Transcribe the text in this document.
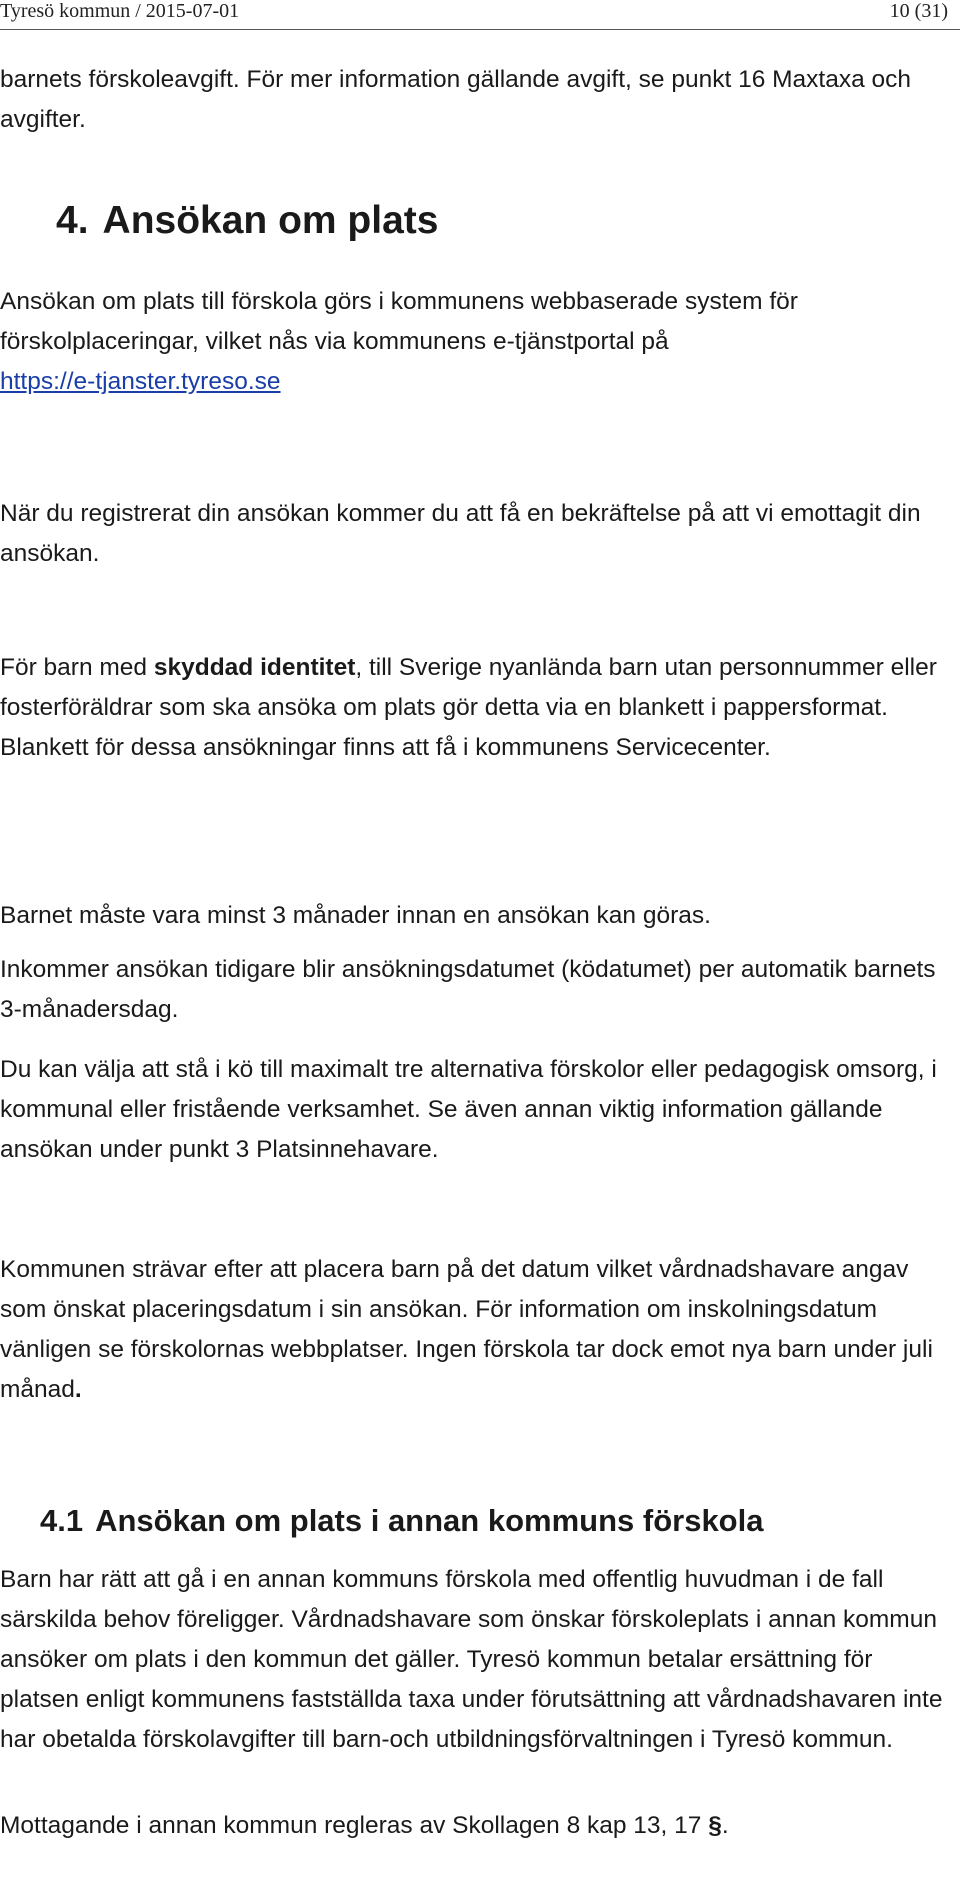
Tyresö kommun / 2015-07-01	10 (31)

barnets förskoleavgift. För mer information gällande avgift, se punkt 16 Maxtaxa och avgifter.

4. Ansökan om plats

Ansökan om plats till förskola görs i kommunens webbaserade system för förskolplaceringar, vilket nås via kommunens e-tjänstportal på
https://e-tjanster.tyreso.se

När du registrerat din ansökan kommer du att få en bekräftelse på att vi emottagit din ansökan.

För barn med skyddad identitet, till Sverige nyanlända barn utan personnummer eller fosterföräldrar som ska ansöka om plats gör detta via en blankett i pappersformat. Blankett för dessa ansökningar finns att få i kommunens Servicecenter.

Barnet måste vara minst 3 månader innan en ansökan kan göras.

Inkommer ansökan tidigare blir ansökningsdatumet (ködatumet) per automatik barnets 3-månadersdag.

Du kan välja att stå i kö till maximalt tre alternativa förskolor eller pedagogisk omsorg, i kommunal eller fristående verksamhet. Se även annan viktig information gällande ansökan under punkt 3 Platsinnehavare.

Kommunen strävar efter att placera barn på det datum vilket vårdnadshavare angav som önskat placeringsdatum i sin ansökan. För information om inskolningsdatum vänligen se förskolornas webbplatser. Ingen förskola tar dock emot nya barn under juli månad.

4.1 Ansökan om plats i annan kommuns förskola

Barn har rätt att gå i en annan kommuns förskola med offentlig huvudman i de fall särskilda behov föreligger. Vårdnadshavare som önskar förskoleplats i annan kommun ansöker om plats i den kommun det gäller. Tyresö kommun betalar ersättning för platsen enligt kommunens fastställda taxa under förutsättning att vårdnadshavaren inte har obetalda förskolavgifter till barn-och utbildningsförvaltningen i Tyresö kommun.

Mottagande i annan kommun regleras av Skollagen 8 kap 13, 17 §.
